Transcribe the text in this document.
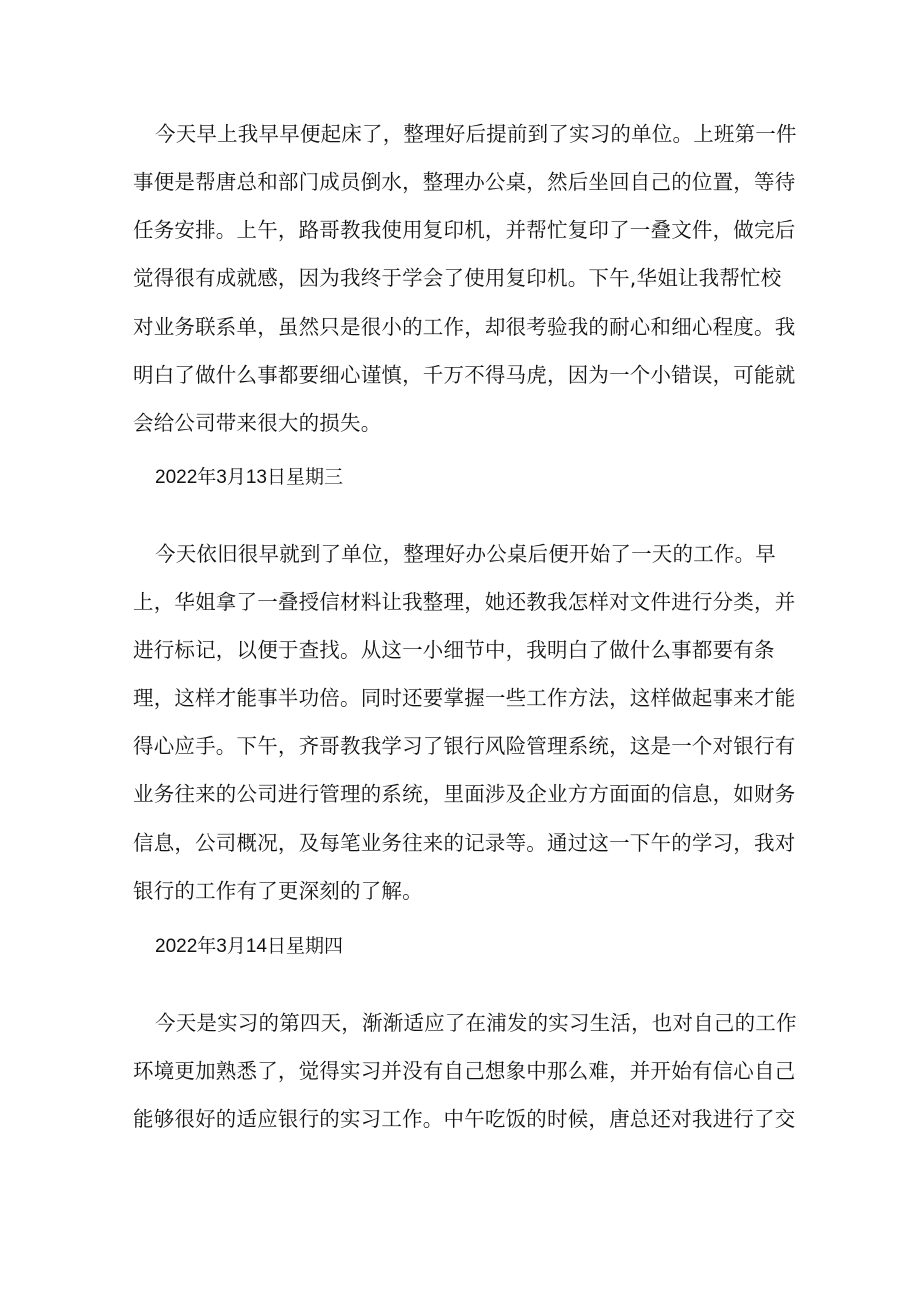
今天早上我早早便起床了，整理好后提前到了实习的单位。上班第一件
事便是帮唐总和部门成员倒水，整理办公桌，然后坐回自己的位置，等待
任务安排。上午，路哥教我使用复印机，并帮忙复印了一叠文件，做完后
觉得很有成就感，因为我终于学会了使用复印机。下午,华姐让我帮忙校
对业务联系单，虽然只是很小的工作，却很考验我的耐心和细心程度。我
明白了做什么事都要细心谨慎，千万不得马虎，因为一个小错误，可能就
会给公司带来很大的损失。
2022年3月13日星期三
今天依旧很早就到了单位，整理好办公桌后便开始了一天的工作。早
上，华姐拿了一叠授信材料让我整理，她还教我怎样对文件进行分类，并
进行标记，以便于查找。从这一小细节中，我明白了做什么事都要有条
理，这样才能事半功倍。同时还要掌握一些工作方法，这样做起事来才能
得心应手。下午，齐哥教我学习了银行风险管理系统，这是一个对银行有
业务往来的公司进行管理的系统，里面涉及企业方方面面的信息，如财务
信息，公司概况，及每笔业务往来的记录等。通过这一下午的学习，我对
银行的工作有了更深刻的了解。
2022年3月14日星期四
今天是实习的第四天，渐渐适应了在浦发的实习生活，也对自己的工作
环境更加熟悉了，觉得实习并没有自己想象中那么难，并开始有信心自己
能够很好的适应银行的实习工作。中午吃饭的时候，唐总还对我进行了交
